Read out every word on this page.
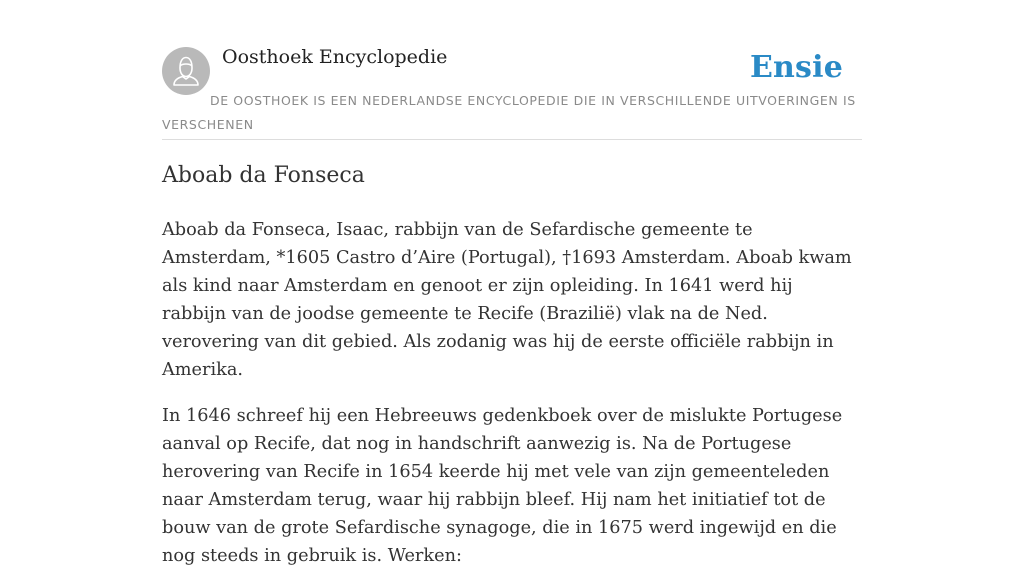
Oosthoek Encyclopedie	Ensie
DE OOSTHOEK IS EEN NEDERLANDSE ENCYCLOPEDIE DIE IN VERSCHILLENDE UITVOERINGEN IS VERSCHENEN
Aboab da Fonseca

Aboab da Fonseca, Isaac, rabbijn van de Sefardische gemeente te Amsterdam, *1605 Castro d’Aire (Portugal), †1693 Amsterdam. Aboab kwam als kind naar Amsterdam en genoot er zijn opleiding. In 1641 werd hij rabbijn van de joodse gemeente te Recife (Brazilië) vlak na de Ned. verovering van dit gebied. Als zodanig was hij de eerste officiële rabbijn in Amerika.

In 1646 schreef hij een Hebreeuws gedenkboek over de mislukte Portugese aanval op Recife, dat nog in handschrift aanwezig is. Na de Portugese herovering van Recife in 1654 keerde hij met vele van zijn gemeenteleden naar Amsterdam terug, waar hij rabbijn bleef. Hij nam het initiatief tot de bouw van de grote Sefardische synagoge, die in 1675 werd ingewijd en die nog steeds in gebruik is. Werken:
